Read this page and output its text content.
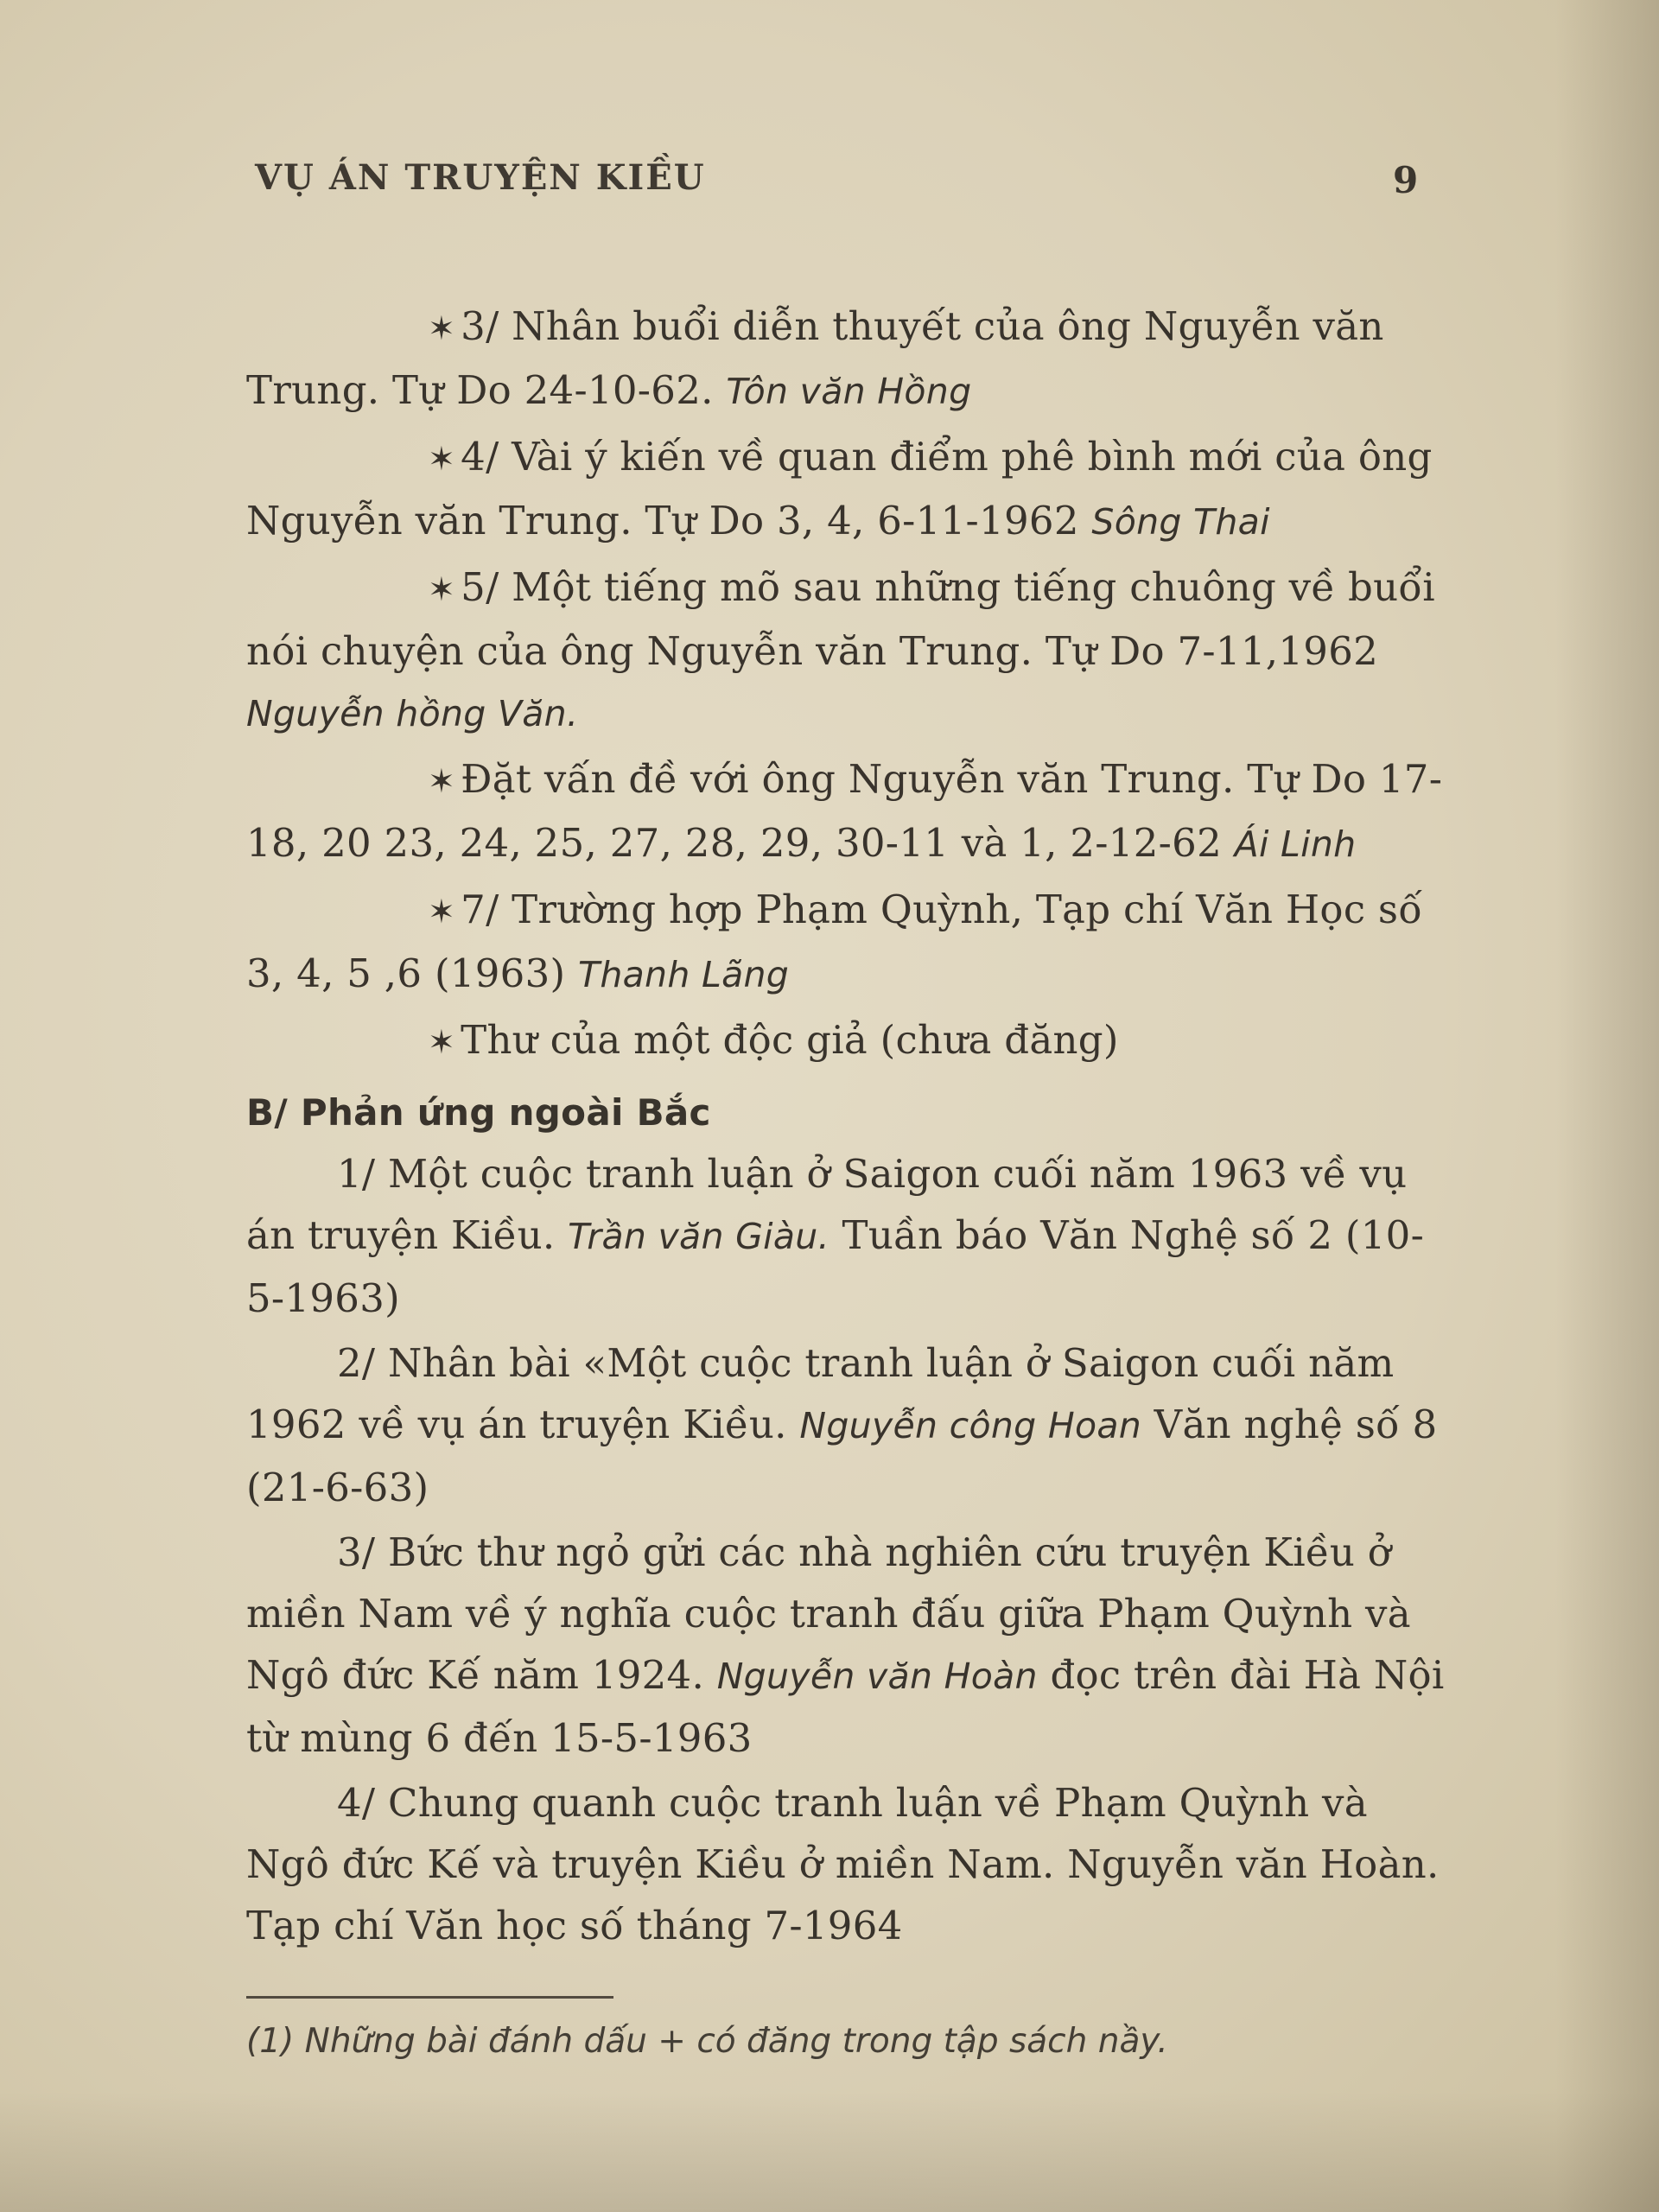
VỤ ÁN TRUYỆN KIỀU	9

✶ 3/ Nhân buổi diễn thuyết của ông Nguyễn văn Trung. Tự Do 24-10-62. Tôn văn Hồng

✶ 4/ Vài ý kiến về quan điểm phê bình mới của ông Nguyễn văn Trung. Tự Do 3, 4, 6-11-1962 Sông Thai

✶ 5/ Một tiếng mõ sau những tiếng chuông về buổi nói chuyện của ông Nguyễn văn Trung. Tự Do 7-11,1962 Nguyễn hồng Văn.

✶ Đặt vấn đề với ông Nguyễn văn Trung. Tự Do 17-18, 20 23, 24, 25, 27, 28, 29, 30-11 và 1, 2-12-62 Ái Linh

✶ 7/ Trường hợp Phạm Quỳnh, Tạp chí Văn Học số 3, 4, 5 ,6 (1963) Thanh Lãng

✶ Thư của một độc giả (chưa đăng)

B/ Phản ứng ngoài Bắc

1/ Một cuộc tranh luận ở Saigon cuối năm 1963 về vụ án truyện Kiều. Trần văn Giàu. Tuần báo Văn Nghệ số 2 (10-5-1963)

2/ Nhân bài «Một cuộc tranh luận ở Saigon cuối năm 1962 về vụ án truyện Kiều. Nguyễn công Hoan Văn nghệ số 8 (21-6-63)

3/ Bức thư ngỏ gửi các nhà nghiên cứu truyện Kiều ở miền Nam về ý nghĩa cuộc tranh đấu giữa Phạm Quỳnh và Ngô đức Kế năm 1924. Nguyễn văn Hoàn đọc trên đài Hà Nội từ mùng 6 đến 15-5-1963

4/ Chung quanh cuộc tranh luận về Phạm Quỳnh và Ngô đức Kế và truyện Kiều ở miền Nam. Nguyễn văn Hoàn. Tạp chí Văn học số tháng 7-1964

(1) Những bài đánh dấu + có đăng trong tập sách nầy.
